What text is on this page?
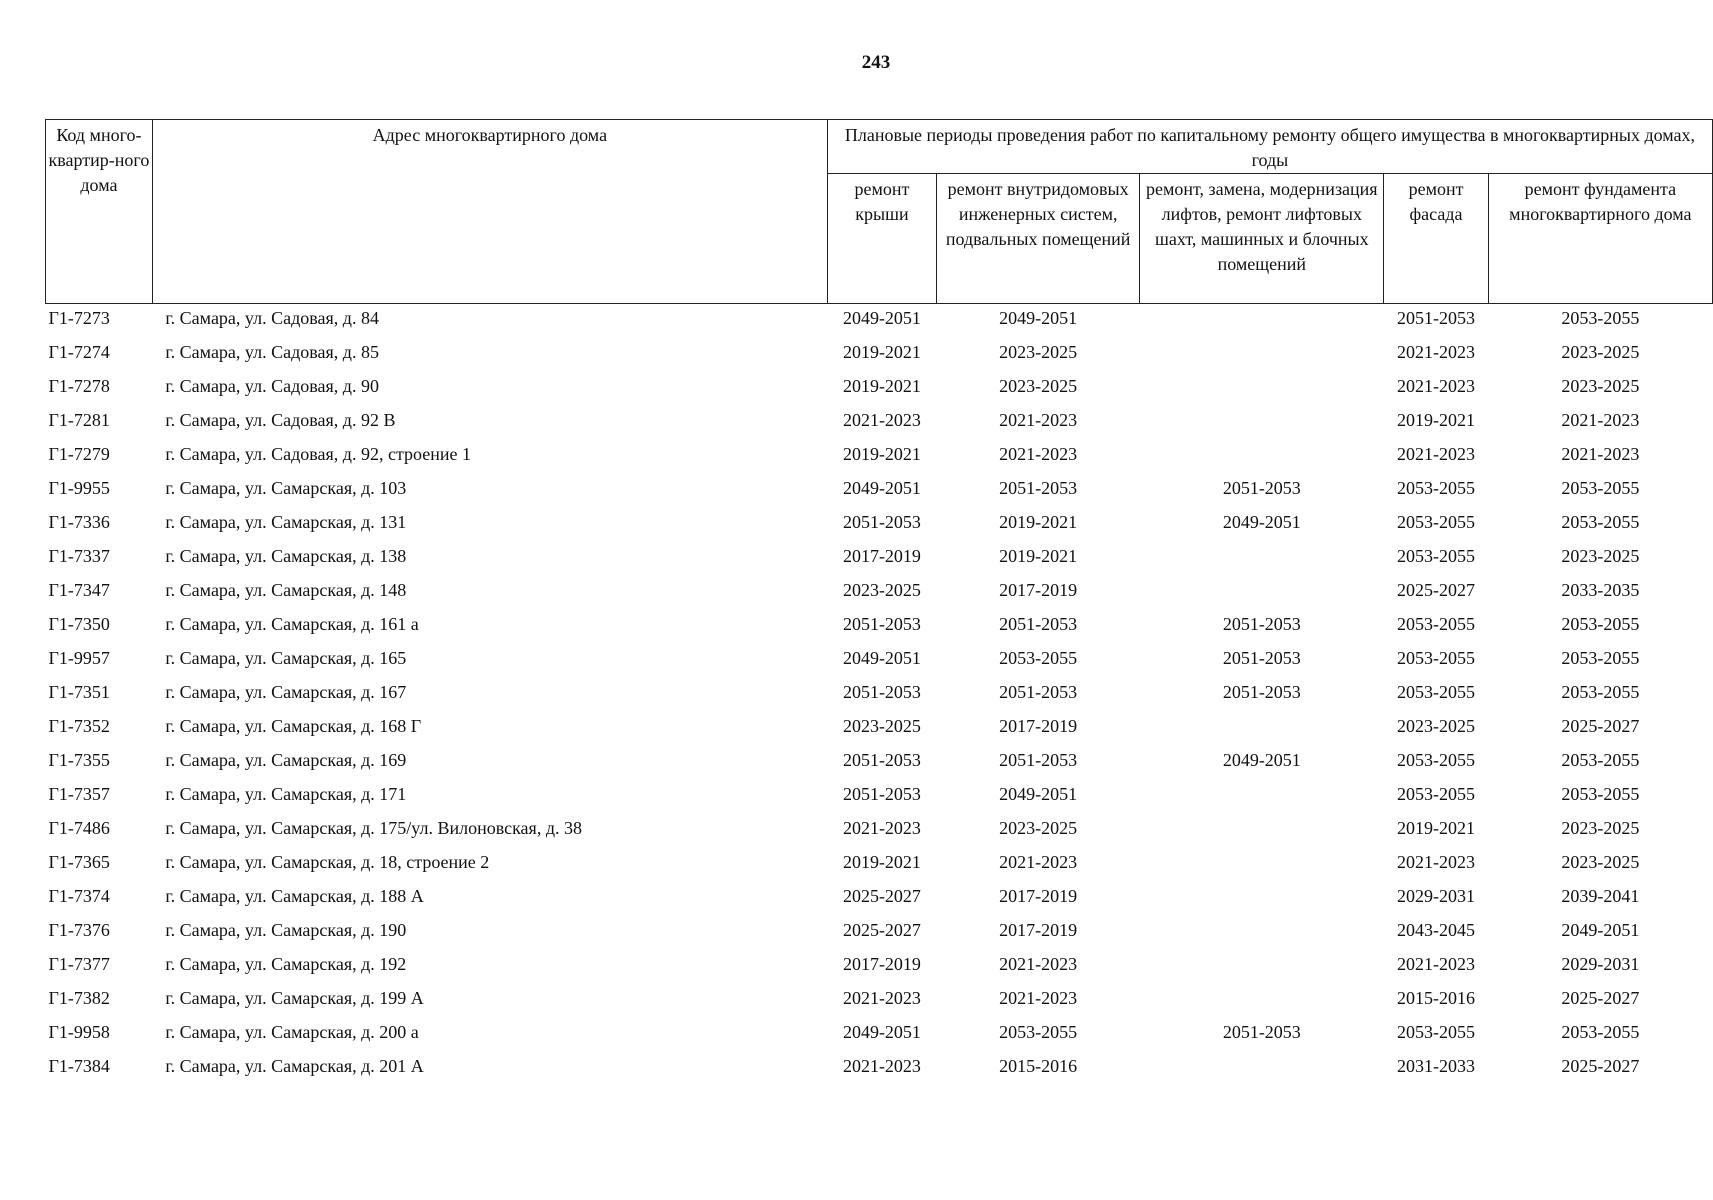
243
Код много-квартир-ного дома	Адрес многоквартирного дома	Плановые периоды проведения работ по капитальному ремонту общего имущества в многоквартирных домах, годы				
		ремонт крыши	ремонт внутридомовых инженерных систем, подвальных помещений	ремонт, замена, модернизация лифтов, ремонт лифтовых шахт, машинных и блочных помещений	ремонт фасада	ремонт фундамента многоквартирного дома
Г1-7273	г. Самара, ул. Садовая, д. 84	2049-2051	2049-2051		2051-2053	2053-2055
Г1-7274	г. Самара, ул. Садовая, д. 85	2019-2021	2023-2025		2021-2023	2023-2025
Г1-7278	г. Самара, ул. Садовая, д. 90	2019-2021	2023-2025		2021-2023	2023-2025
Г1-7281	г. Самара, ул. Садовая, д. 92 В	2021-2023	2021-2023		2019-2021	2021-2023
Г1-7279	г. Самара, ул. Садовая, д. 92, строение 1	2019-2021	2021-2023		2021-2023	2021-2023
Г1-9955	г. Самара, ул. Самарская, д. 103	2049-2051	2051-2053	2051-2053	2053-2055	2053-2055
Г1-7336	г. Самара, ул. Самарская, д. 131	2051-2053	2019-2021	2049-2051	2053-2055	2053-2055
Г1-7337	г. Самара, ул. Самарская, д. 138	2017-2019	2019-2021		2053-2055	2023-2025
Г1-7347	г. Самара, ул. Самарская, д. 148	2023-2025	2017-2019		2025-2027	2033-2035
Г1-7350	г. Самара, ул. Самарская, д. 161 а	2051-2053	2051-2053	2051-2053	2053-2055	2053-2055
Г1-9957	г. Самара, ул. Самарская, д. 165	2049-2051	2053-2055	2051-2053	2053-2055	2053-2055
Г1-7351	г. Самара, ул. Самарская, д. 167	2051-2053	2051-2053	2051-2053	2053-2055	2053-2055
Г1-7352	г. Самара, ул. Самарская, д. 168 Г	2023-2025	2017-2019		2023-2025	2025-2027
Г1-7355	г. Самара, ул. Самарская, д. 169	2051-2053	2051-2053	2049-2051	2053-2055	2053-2055
Г1-7357	г. Самара, ул. Самарская, д. 171	2051-2053	2049-2051		2053-2055	2053-2055
Г1-7486	г. Самара, ул. Самарская, д. 175/ул. Вилоновская, д. 38	2021-2023	2023-2025		2019-2021	2023-2025
Г1-7365	г. Самара, ул. Самарская, д. 18, строение 2	2019-2021	2021-2023		2021-2023	2023-2025
Г1-7374	г. Самара, ул. Самарская, д. 188 А	2025-2027	2017-2019		2029-2031	2039-2041
Г1-7376	г. Самара, ул. Самарская, д. 190	2025-2027	2017-2019		2043-2045	2049-2051
Г1-7377	г. Самара, ул. Самарская, д. 192	2017-2019	2021-2023		2021-2023	2029-2031
Г1-7382	г. Самара, ул. Самарская, д. 199 А	2021-2023	2021-2023		2015-2016	2025-2027
Г1-9958	г. Самара, ул. Самарская, д. 200 а	2049-2051	2053-2055	2051-2053	2053-2055	2053-2055
Г1-7384	г. Самара, ул. Самарская, д. 201 А	2021-2023	2015-2016		2031-2033	2025-2027
